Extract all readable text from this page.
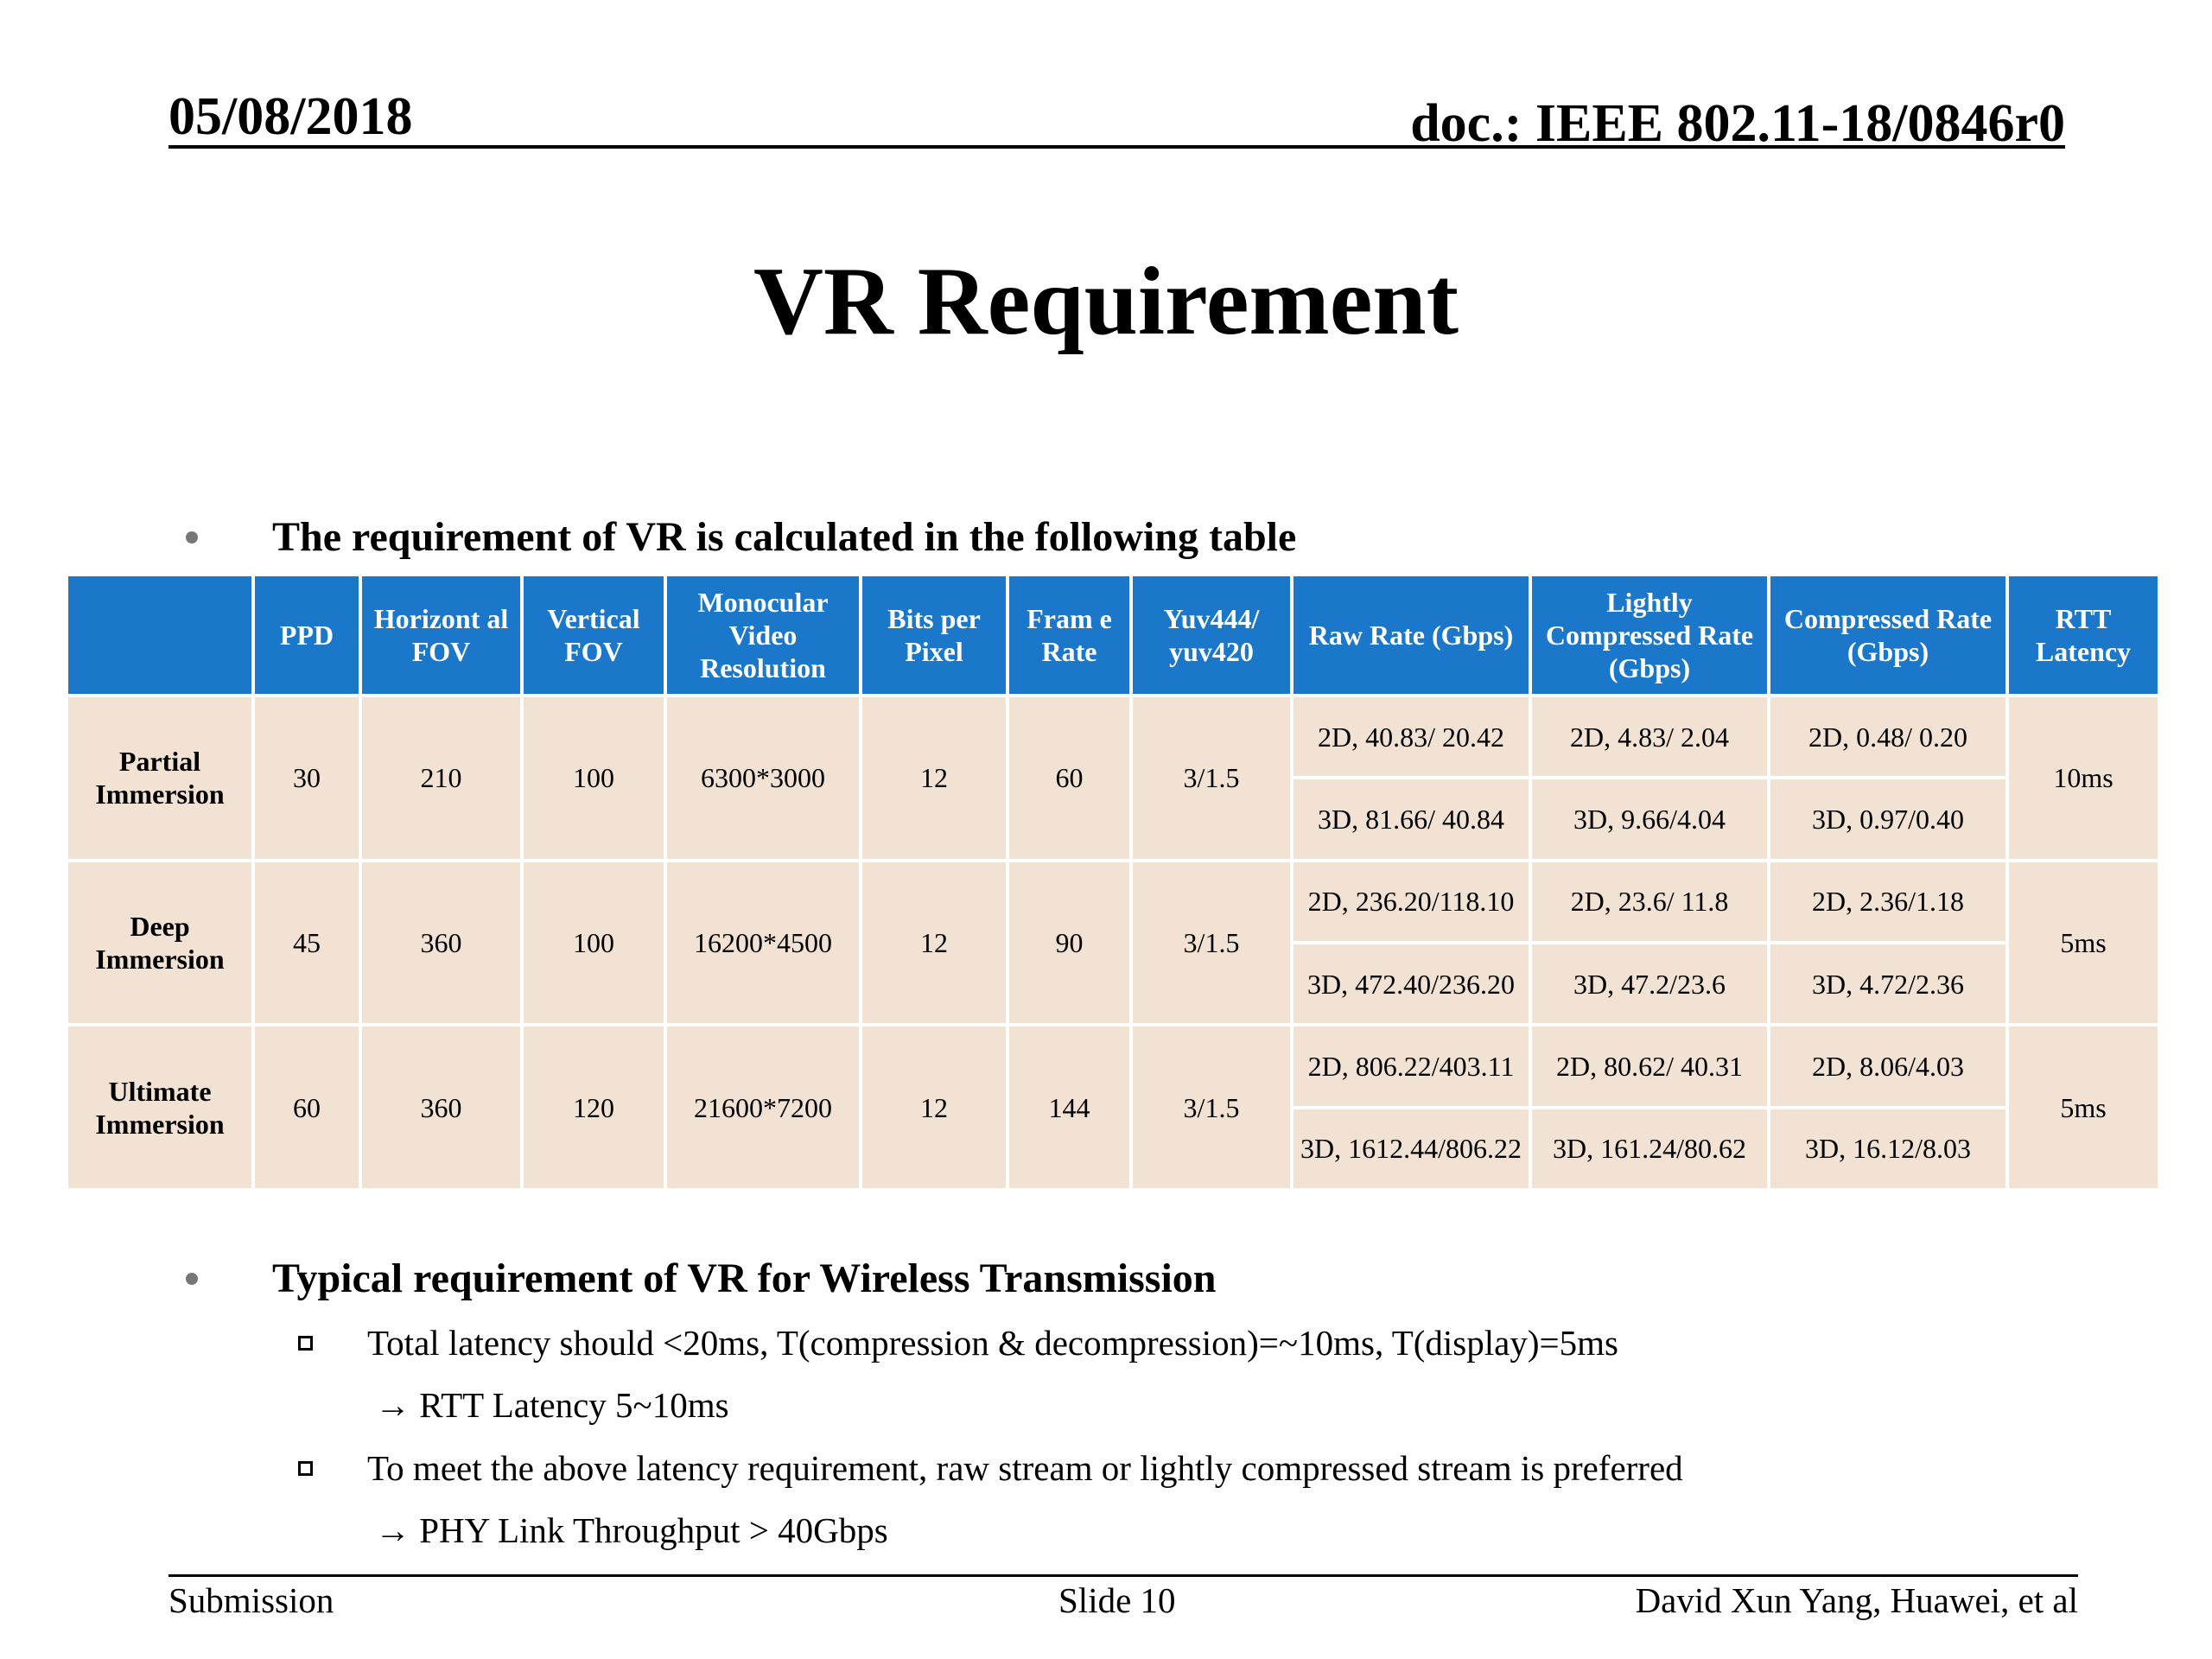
05/08/2018	doc.: IEEE 802.11-18/0846r0
VR Requirement
The requirement of VR is calculated in the following table
	PPD	Horizont al FOV	Vertical FOV	Monocular Video Resolution	Bits per Pixel	Fram e Rate	Yuv444/ yuv420	Raw Rate (Gbps)	Lightly Compressed Rate (Gbps)	Compressed Rate (Gbps)	RTT Latency
Partial Immersion	30	210	100	6300*3000	12	60	3/1.5	2D, 40.83/ 20.42	2D, 4.83/ 2.04	2D, 0.48/ 0.20	10ms
								3D, 81.66/ 40.84	3D, 9.66/4.04	3D, 0.97/0.40	
Deep Immersion	45	360	100	16200*4500	12	90	3/1.5	2D, 236.20/118.10	2D, 23.6/ 11.8	2D, 2.36/1.18	5ms
								3D, 472.40/236.20	3D, 47.2/23.6	3D, 4.72/2.36	
Ultimate Immersion	60	360	120	21600*7200	12	144	3/1.5	2D, 806.22/403.11	2D, 80.62/ 40.31	2D, 8.06/4.03	5ms
								3D, 1612.44/806.22	3D, 161.24/80.62	3D, 16.12/8.03	
Typical requirement of VR for Wireless Transmission
Total latency should <20ms, T(compression & decompression)=~10ms, T(display)=5ms
→ RTT Latency 5~10ms
To meet the above latency requirement, raw stream or lightly compressed stream is preferred
→ PHY Link Throughput > 40Gbps
Submission	Slide 10	David Xun Yang, Huawei, et al
